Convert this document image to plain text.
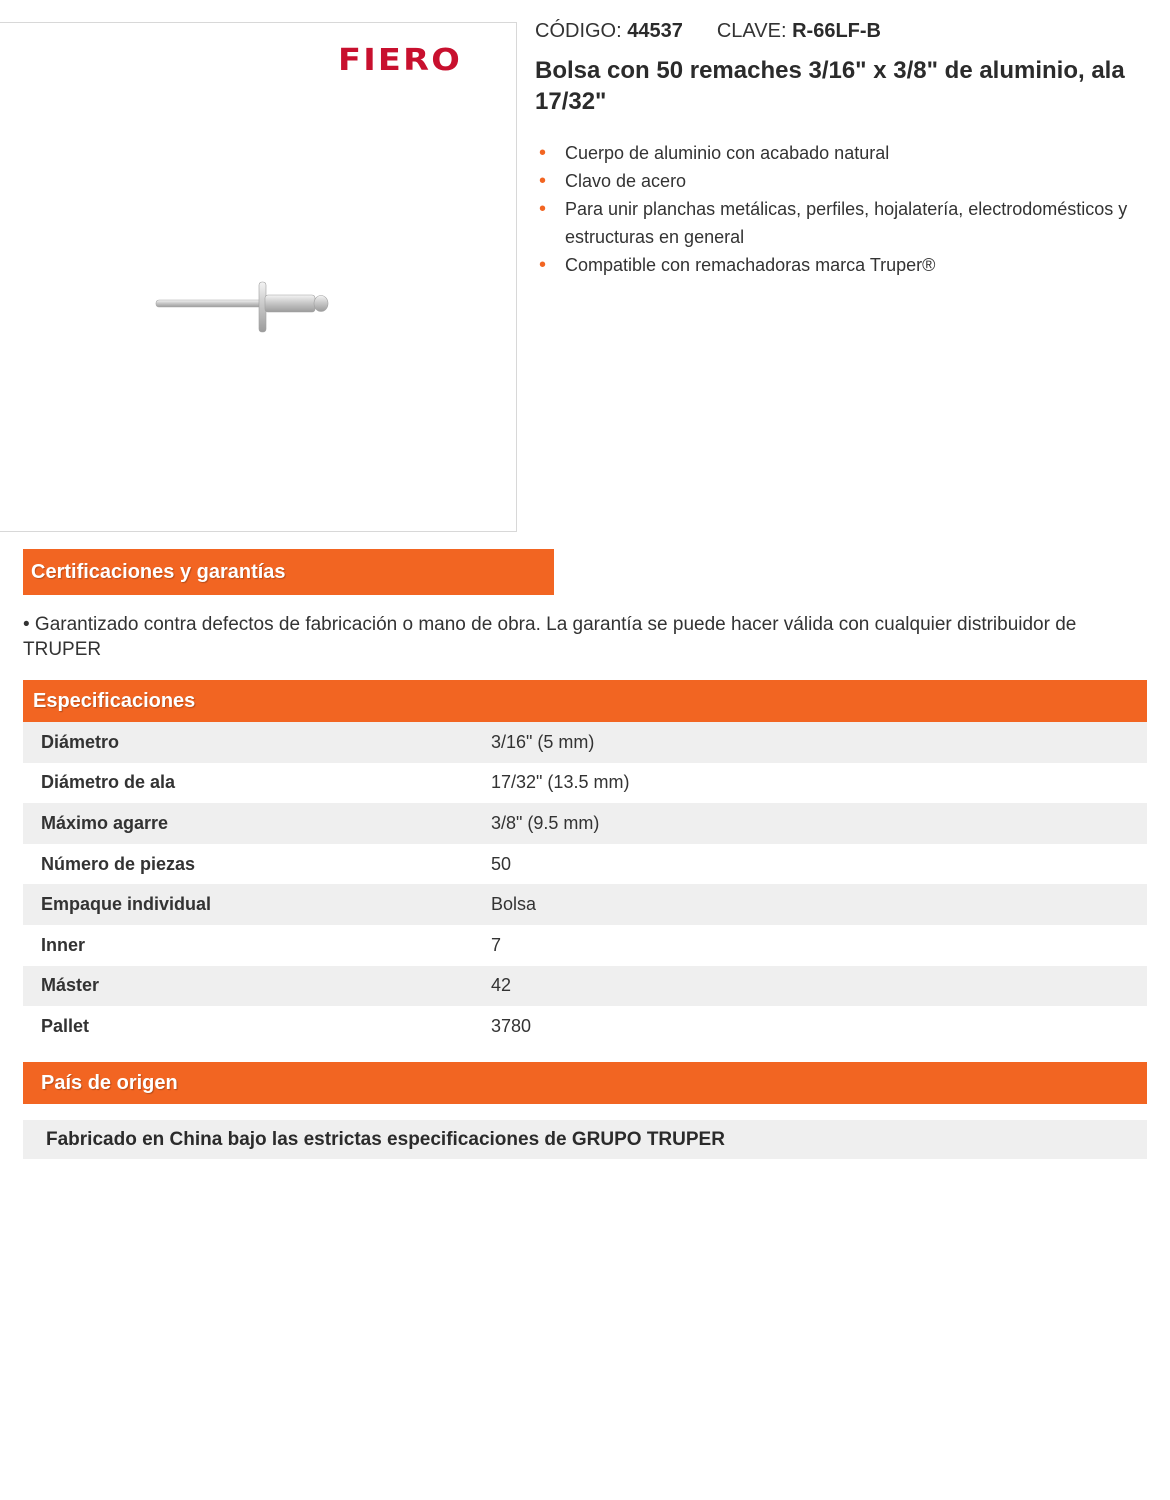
FIERO
CÓDIGO: 44537 CLAVE: R-66LF-B
Bolsa con 50 remaches 3/16" x 3/8" de aluminio, ala 17/32"
• Cuerpo de aluminio con acabado natural
• Clavo de acero
• Para unir planchas metálicas, perfiles, hojalatería, electrodomésticos y estructuras en general
• Compatible con remachadoras marca Truper®
Certificaciones y garantías

• Garantizado contra defectos de fabricación o mano de obra. La garantía se puede hacer válida con cualquier distribuidor de TRUPER

Especificaciones
Diámetro	3/16" (5 mm)
Diámetro de ala	17/32" (13.5 mm)
Máximo agarre	3/8" (9.5 mm)
Número de piezas	50
Empaque individual	Bolsa
Inner	7
Máster	42
Pallet	3780
País de origen
Fabricado en China bajo las estrictas especificaciones de GRUPO TRUPER
